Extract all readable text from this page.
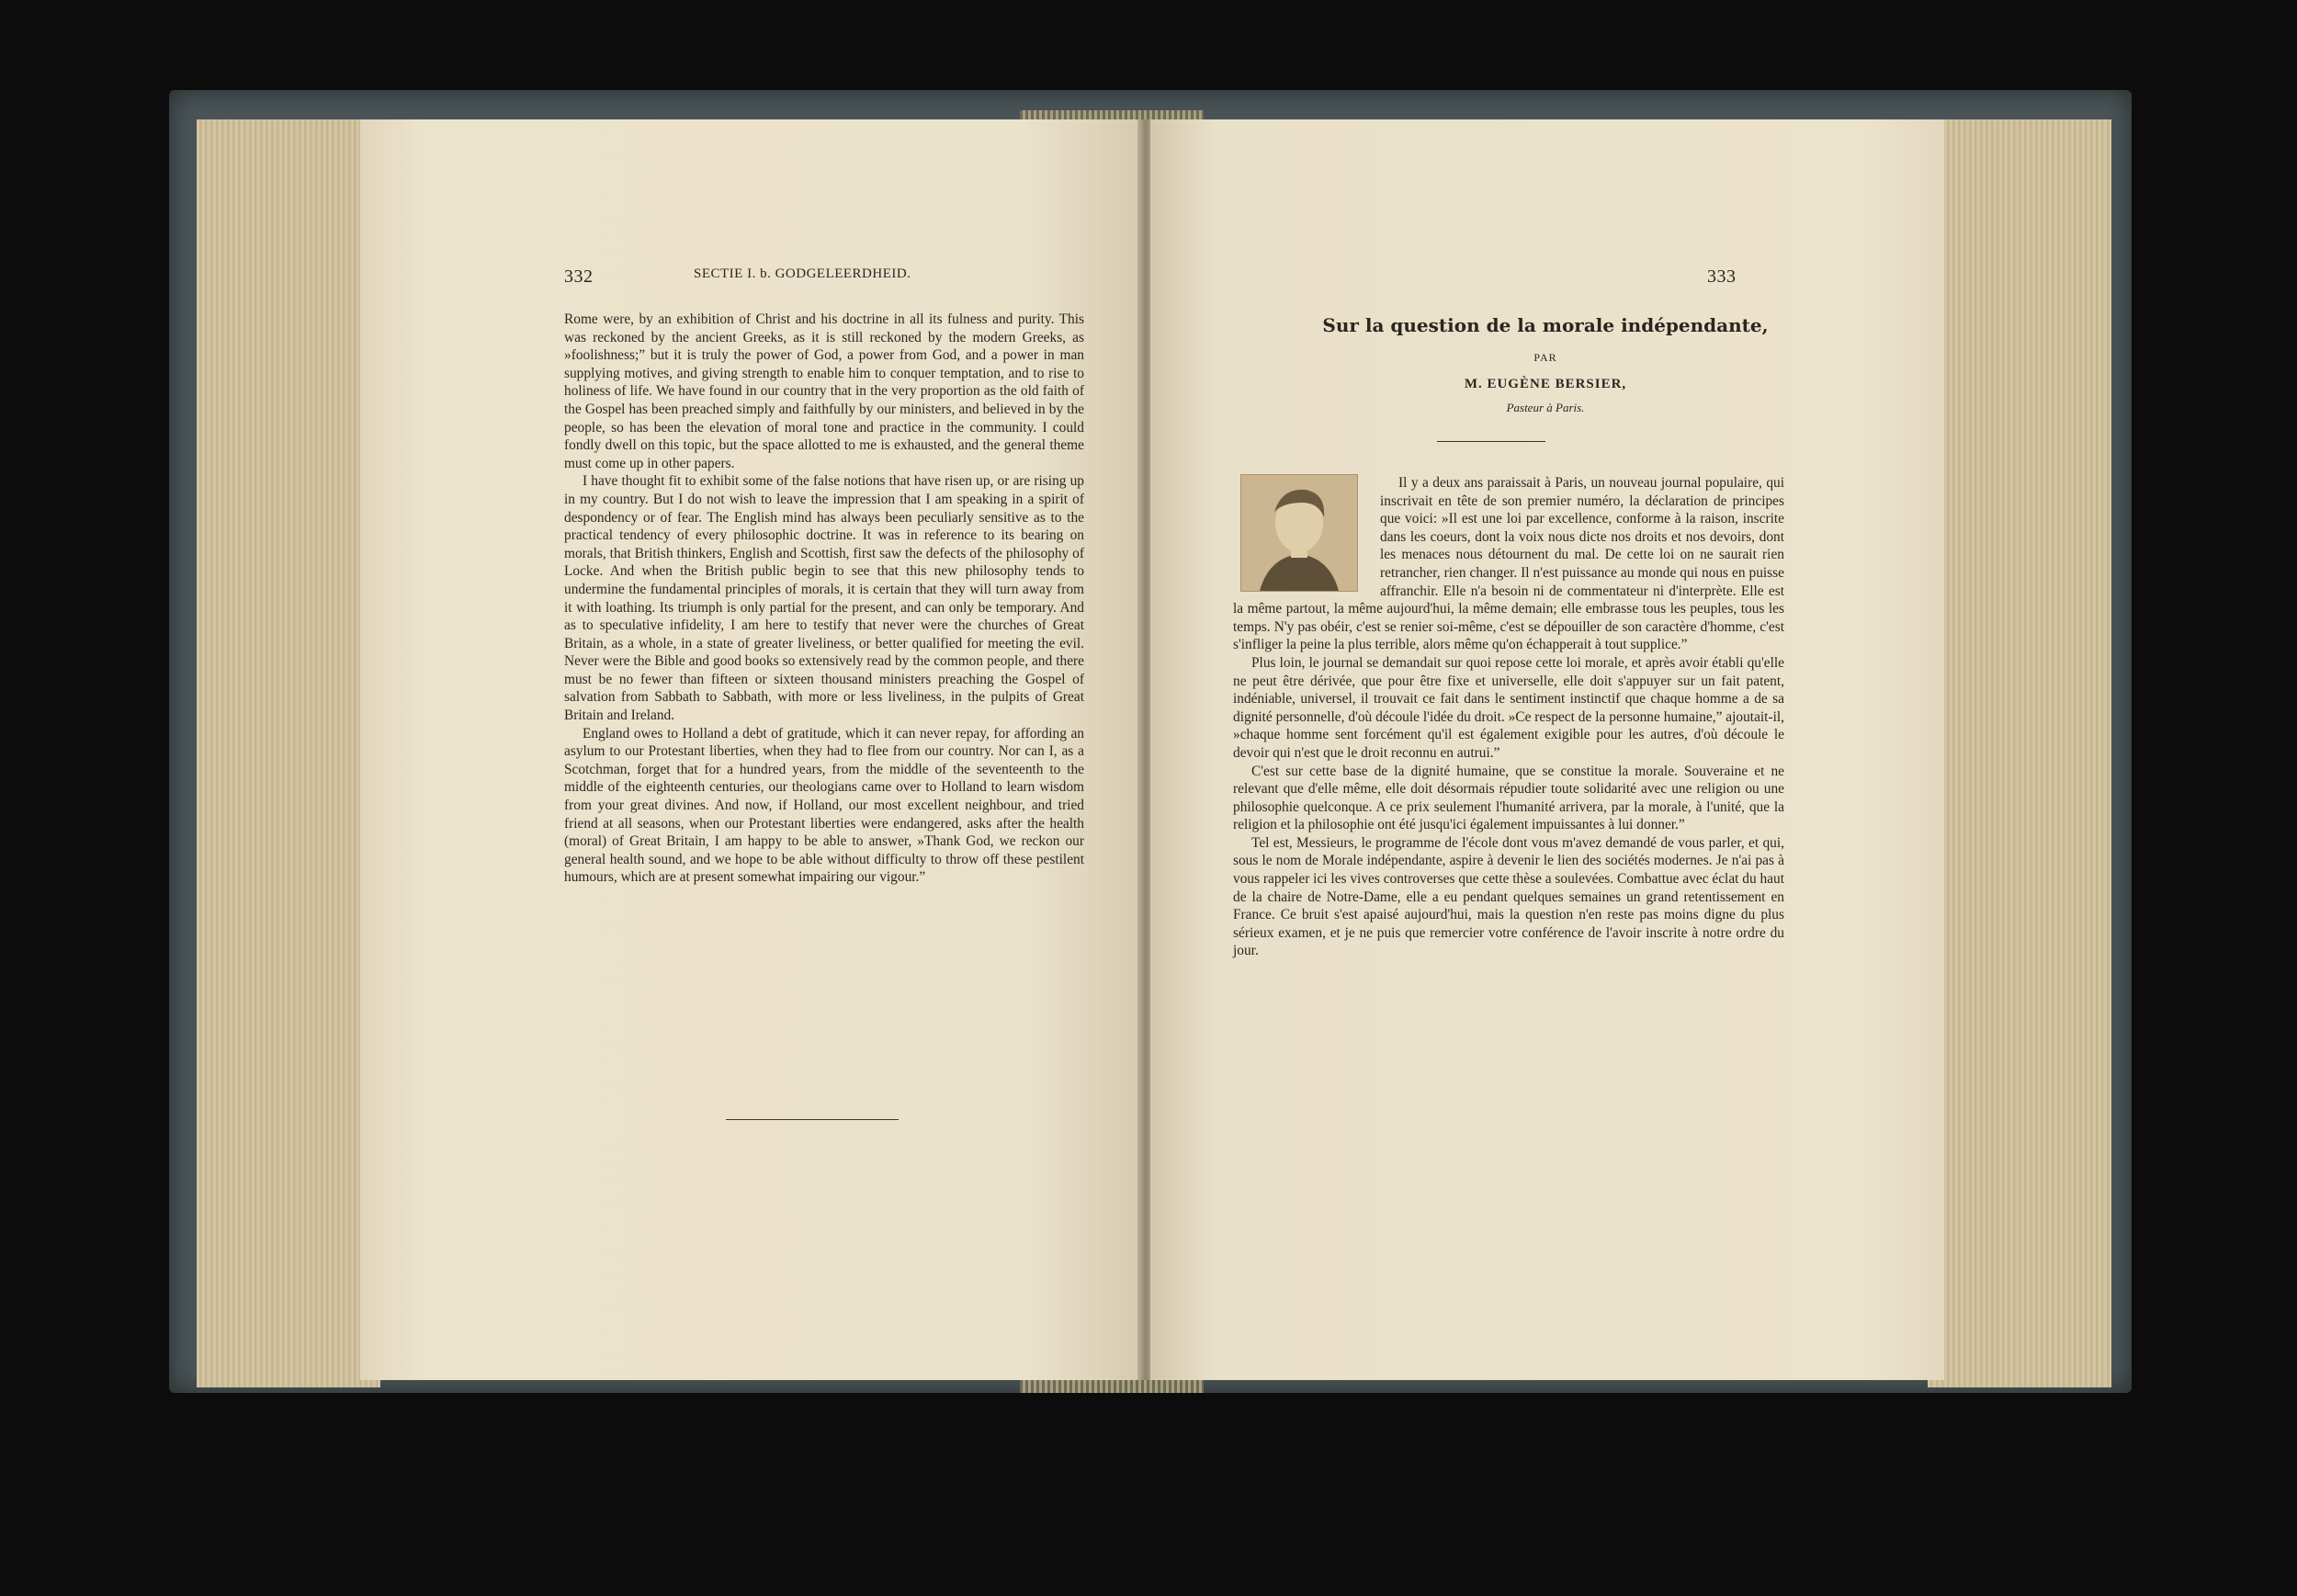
332	SECTIE I. b. GODGELEERDHEID.

Rome were, by an exhibition of Christ and his doctrine in all its fulness and purity. This was reckoned by the ancient Greeks, as it is still reckoned by the modern Greeks, as »foolishness;” but it is truly the power of God, a power from God, and a power in man supplying motives, and giving strength to enable him to conquer temptation, and to rise to holiness of life. We have found in our country that in the very proportion as the old faith of the Gospel has been preached simply and faithfully by our ministers, and believed in by the people, so has been the elevation of moral tone and practice in the community. I could fondly dwell on this topic, but the space allotted to me is exhausted, and the general theme must come up in other papers.

I have thought fit to exhibit some of the false notions that have risen up, or are rising up in my country. But I do not wish to leave the impression that I am speaking in a spirit of despondency or of fear. The English mind has always been peculiarly sensitive as to the practical tendency of every philosophic doctrine. It was in reference to its bearing on morals, that British thinkers, English and Scottish, first saw the defects of the philosophy of Locke. And when the British public begin to see that this new philosophy tends to undermine the fundamental principles of morals, it is certain that they will turn away from it with loathing. Its triumph is only partial for the present, and can only be temporary. And as to speculative infidelity, I am here to testify that never were the churches of Great Britain, as a whole, in a state of greater liveliness, or better qualified for meeting the evil. Never were the Bible and good books so extensively read by the common people, and there must be no fewer than fifteen or sixteen thousand ministers preaching the Gospel of salvation from Sabbath to Sabbath, with more or less liveliness, in the pulpits of Great Britain and Ireland.

England owes to Holland a debt of gratitude, which it can never repay, for affording an asylum to our Protestant liberties, when they had to flee from our country. Nor can I, as a Scotchman, forget that for a hundred years, from the middle of the seventeenth to the middle of the eighteenth centuries, our theologians came over to Holland to learn wisdom from your great divines. And now, if Holland, our most excellent neighbour, and tried friend at all seasons, when our Protestant liberties were endangered, asks after the health (moral) of Great Britain, I am happy to be able to answer, »Thank God, we reckon our general health sound, and we hope to be able without difficulty to throw off these pestilent humours, which are at present somewhat impairing our vigour.”

333
Sur la question de la morale indépendante,
PAR
M. EUGÈNE BERSIER,
Pasteur à Paris.

Il y a deux ans paraissait à Paris, un nouveau journal populaire, qui inscrivait en tête de son premier numéro, la déclaration de principes que voici: »Il est une loi par excellence, conforme à la raison, inscrite dans les coeurs, dont la voix nous dicte nos droits et nos devoirs, dont les menaces nous détournent du mal. De cette loi on ne saurait rien retrancher, rien changer. Il n'est puissance au monde qui nous en puisse affranchir. Elle n'a besoin ni de commentateur ni d'interprète. Elle est la même partout, la même aujourd'hui, la même demain; elle embrasse tous les peuples, tous les temps. N'y pas obéir, c'est se renier soi-même, c'est se dépouiller de son caractère d'homme, c'est s'infliger la peine la plus terrible, alors même qu'on échapperait à tout supplice.”

Plus loin, le journal se demandait sur quoi repose cette loi morale, et après avoir établi qu'elle ne peut être dérivée, que pour être fixe et universelle, elle doit s'appuyer sur un fait patent, indéniable, universel, il trouvait ce fait dans le sentiment instinctif que chaque homme a de sa dignité personnelle, d'où découle l'idée du droit. »Ce respect de la personne humaine,” ajoutait-il, »chaque homme sent forcément qu'il est également exigible pour les autres, d'où découle le devoir qui n'est que le droit reconnu en autrui.”

C'est sur cette base de la dignité humaine, que se constitue la morale. Souveraine et ne relevant que d'elle même, elle doit désormais répudier toute solidarité avec une religion ou une philosophie quelconque. A ce prix seulement l'humanité arrivera, par la morale, à l'unité, que la religion et la philosophie ont été jusqu'ici également impuissantes à lui donner.”

Tel est, Messieurs, le programme de l'école dont vous m'avez demandé de vous parler, et qui, sous le nom de Morale indépendante, aspire à devenir le lien des sociétés modernes. Je n'ai pas à vous rappeler ici les vives controverses que cette thèse a soulevées. Combattue avec éclat du haut de la chaire de Notre-Dame, elle a eu pendant quelques semaines un grand retentissement en France. Ce bruit s'est apaisé aujourd'hui, mais la question n'en reste pas moins digne du plus sérieux examen, et je ne puis que remercier votre conférence de l'avoir inscrite à notre ordre du jour.
